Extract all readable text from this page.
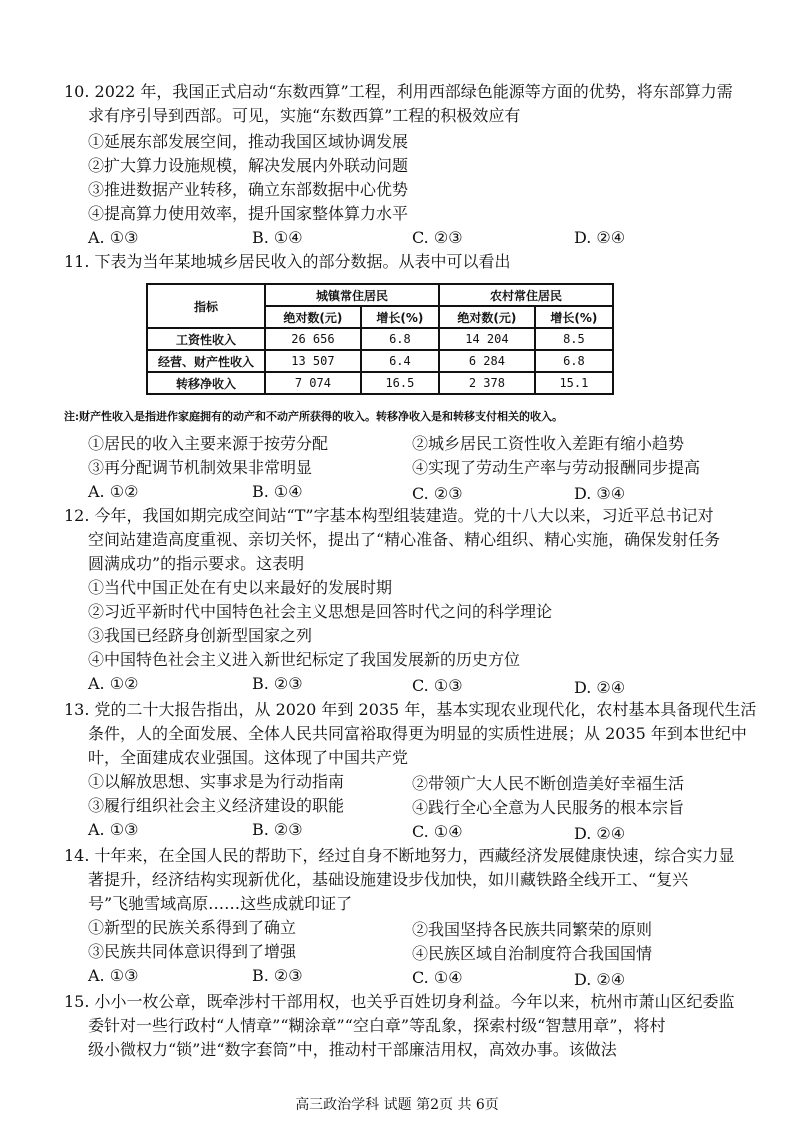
10. 2022 年，我国正式启动“东数西算”工程，利用西部绿色能源等方面的优势，将东部算力需
求有序引导到西部。可见，实施“东数西算”工程的积极效应有
①延展东部发展空间，推动我国区域协调发展
②扩大算力设施规模，解决发展内外联动问题
③推进数据产业转移，确立东部数据中心优势
④提高算力使用效率，提升国家整体算力水平
A. ①③	B. ①④	C. ②③	D. ②④
11. 下表为当年某地城乡居民收入的部分数据。从表中可以看出
指标	城镇常住居民		农村常住居民	
	绝对数(元)	增长(%)	绝对数(元)	增长(%)
工资性收入	26 656	6.8	14 204	8.5
经营、财产性收入	13 507	6.4	6 284	6.8
转移净收入	7 074	16.5	2 378	15.1
注:财产性收入是指进作家庭拥有的动产和不动产所获得的收入。转移净收入是和转移支付相关的收入。
①居民的收入主要来源于按劳分配	②城乡居民工资性收入差距有缩小趋势
③再分配调节机制效果非常明显	④实现了劳动生产率与劳动报酬同步提高
A. ①②	B. ①④	C. ②③	D. ③④
12. 今年，我国如期完成空间站“T”字基本构型组装建造。党的十八大以来，习近平总书记对
空间站建造高度重视、亲切关怀，提出了“精心准备、精心组织、精心实施，确保发射任务
圆满成功”的指示要求。这表明
①当代中国正处在有史以来最好的发展时期
②习近平新时代中国特色社会主义思想是回答时代之问的科学理论
③我国已经跻身创新型国家之列
④中国特色社会主义进入新世纪标定了我国发展新的历史方位
A. ①②	B. ②③	C. ①③	D. ②④
13. 党的二十大报告指出，从 2020 年到 2035 年，基本实现农业现代化，农村基本具备现代生活
条件，人的全面发展、全体人民共同富裕取得更为明显的实质性进展；从 2035 年到本世纪中
叶，全面建成农业强国。这体现了中国共产党
①以解放思想、实事求是为行动指南	②带领广大人民不断创造美好幸福生活
③履行组织社会主义经济建设的职能	④践行全心全意为人民服务的根本宗旨
A. ①③	B. ②③	C. ①④	D. ②④
14. 十年来，在全国人民的帮助下，经过自身不断地努力，西藏经济发展健康快速，综合实力显
著提升，经济结构实现新优化，基础设施建设步伐加快，如川藏铁路全线开工、“复兴
号”飞驰雪域高原……这些成就印证了
①新型的民族关系得到了确立	②我国坚持各民族共同繁荣的原则
③民族共同体意识得到了增强	④民族区域自治制度符合我国国情
A. ①③	B. ②③	C. ①④	D. ②④
15. 小小一枚公章，既牵涉村干部用权，也关乎百姓切身利益。今年以来，杭州市萧山区纪委监
委针对一些行政村“人情章”“糊涂章”“空白章”等乱象，探索村级“智慧用章”，将村
级小微权力“锁”进“数字套筒”中，推动村干部廉洁用权，高效办事。该做法
高三政治学科 试题 第2页 共 6页
